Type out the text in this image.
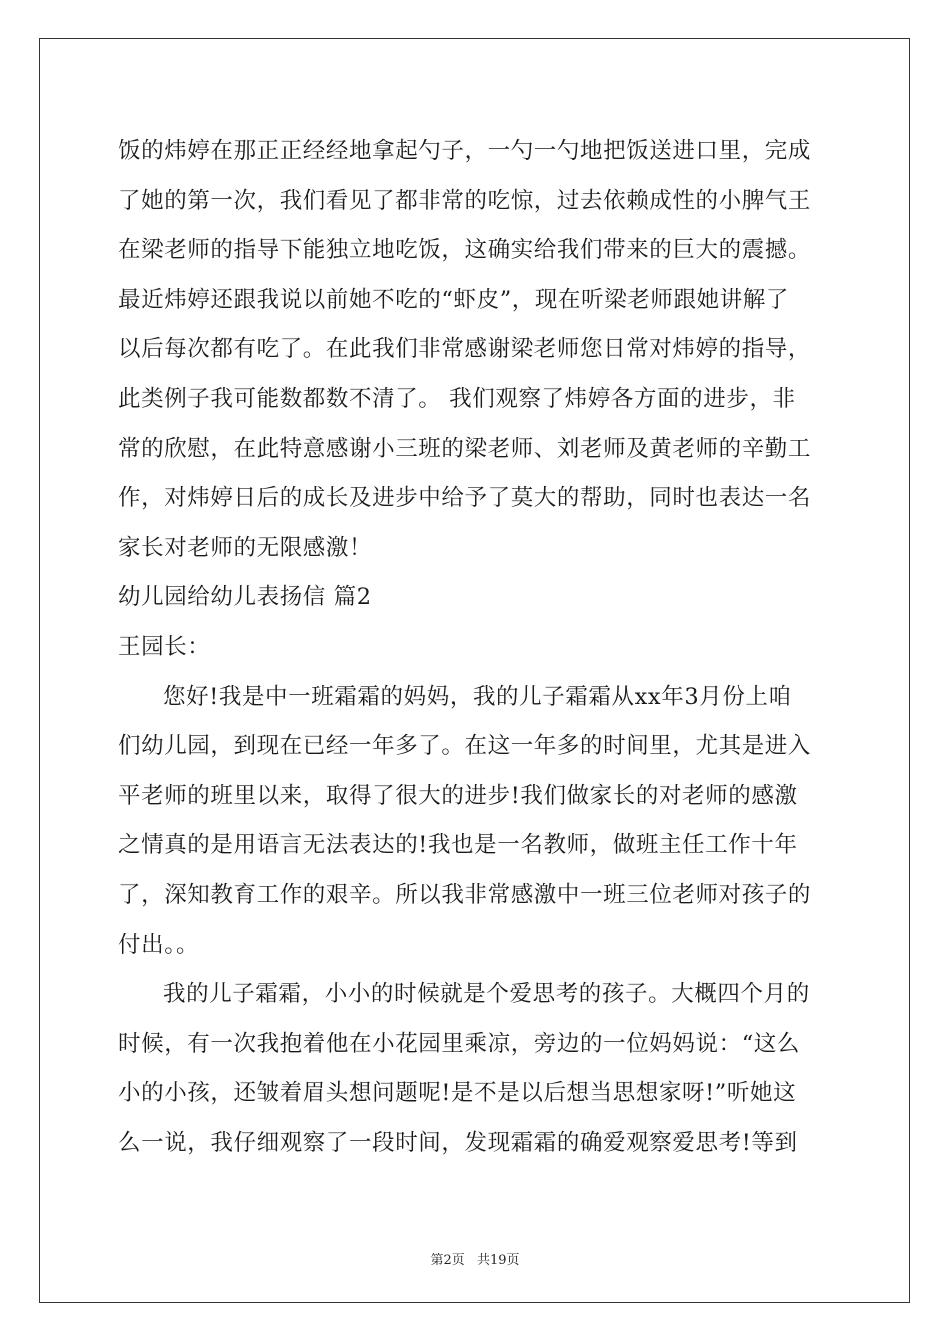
饭的炜婷在那正正经经地拿起勺子，一勺一勺地把饭送进口里，完成
了她的第一次，我们看见了都非常的吃惊，过去依赖成性的小脾气王
在梁老师的指导下能独立地吃饭，这确实给我们带来的巨大的震撼。
最近炜婷还跟我说以前她不吃的“虾皮”，现在听梁老师跟她讲解了
以后每次都有吃了。在此我们非常感谢梁老师您日常对炜婷的指导，
此类例子我可能数都数不清了。 我们观察了炜婷各方面的进步，非
常的欣慰，在此特意感谢小三班的梁老师、刘老师及黄老师的辛勤工
作，对炜婷日后的成长及进步中给予了莫大的帮助，同时也表达一名
家长对老师的无限感激！
幼儿园给幼儿表扬信 篇2
王园长：
您好!我是中一班霜霜的妈妈，我的儿子霜霜从xx年3月份上咱
们幼儿园，到现在已经一年多了。在这一年多的时间里，尤其是进入
平老师的班里以来，取得了很大的进步!我们做家长的对老师的感激
之情真的是用语言无法表达的!我也是一名教师，做班主任工作十年
了，深知教育工作的艰辛。所以我非常感激中一班三位老师对孩子的
付出。。
我的儿子霜霜，小小的时候就是个爱思考的孩子。大概四个月的
时候，有一次我抱着他在小花园里乘凉，旁边的一位妈妈说：“这么
小的小孩，还皱着眉头想问题呢!是不是以后想当思想家呀!”听她这
么一说，我仔细观察了一段时间，发现霜霜的确爱观察爱思考!等到
第2页 共19页
